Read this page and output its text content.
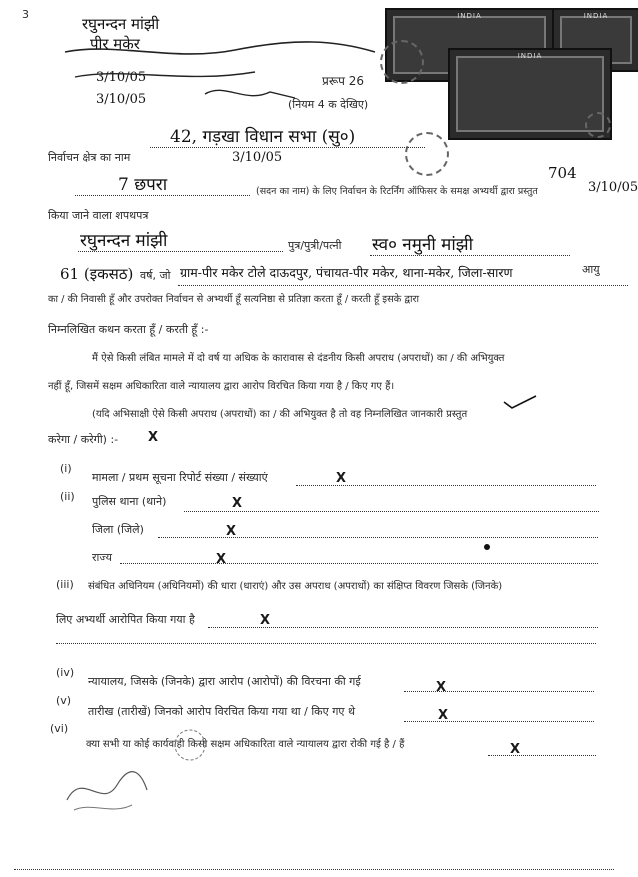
3
रघुनन्दन मांझी
पीर मकेर
3/10/05
3/10/05
प्ररूप 26
(नियम 4 क देखिए)
INDIA	INDIA
INDIA
42, गड़खा विधान सभा (सु०)
निर्वाचन क्षेत्र का नाम	3/10/05
7 छपरा	(सदन का नाम) के लिए निर्वाचन के रिटर्निंग ऑफिसर के समक्ष अभ्यर्थी द्वारा प्रस्तुत
704
3/10/05
किया जाने वाला शपथपत्र
रघुनन्दन मांझी	पुत्र/पुत्री/पत्नी स्व० नमुनी मांझी
आयु
61 (इकसठ) वर्ष, जो ग्राम-पीर मकेर टोले दाऊदपुर, पंचायत-पीर मकेर, थाना-मकेर, जिला-सारण
का / की निवासी हूँ और उपरोक्त निर्वाचन से अभ्यर्थी हूँ सत्यनिष्ठा से प्रतिज्ञा करता हूँ / करती हूँ इसके द्वारा
निम्नलिखित कथन करता हूँ / करती हूँ :-
मैं ऐसे किसी लंबित मामले में दो वर्ष या अधिक के कारावास से दंडनीय किसी अपराध (अपराधों) का / की अभियुक्त
नहीं हूँ, जिसमें सक्षम अधिकारिता वाले न्यायालय द्वारा आरोप विरचित किया गया है / किए गए हैं।
(यदि अभिसाक्षी ऐसे किसी अपराध (अपराधों) का / की अभियुक्त है तो वह निम्नलिखित जानकारी प्रस्तुत
करेगा / करेगी) :- X
(i)
मामला / प्रथम सूचना रिपोर्ट संख्या / संख्याएं	X
(ii) पुलिस थाना (थाने)	X
जिला (जिले)	X
राज्य	X
(iii) संबंधित अधिनियम (अधिनियमों) की धारा (धाराएं) और उस अपराध (अपराधों) का संक्षिप्त विवरण जिसके (जिनके)
लिए अभ्यर्थी आरोपित किया गया है	X
(iv)
न्यायालय, जिसके (जिनके) द्वारा आरोप (आरोपों) की विरचना की गई	X
(v)
तारीख (तारीखें) जिनको आरोप विरचित किया गया था / किए गए थे	X
(vi)
क्या सभी या कोई कार्यवाही किसी सक्षम अधिकारिता वाले न्यायालय द्वारा रोकी गई है / हैं	X
